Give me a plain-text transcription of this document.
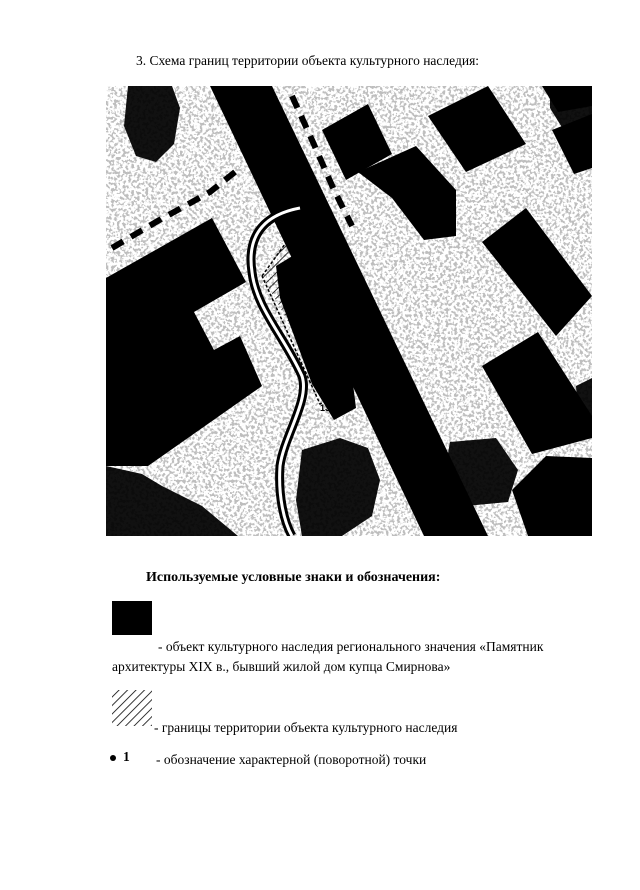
3. Схема границ территории объекта культурного наследия:
5
6
13 12
Используемые условные знаки и обозначения:
- объект культурного наследия регионального значения «Памятник архитектуры XIX в., бывший жилой дом купца Смирнова»
- границы территории объекта культурного наследия
1 - обозначение характерной (поворотной) точки
